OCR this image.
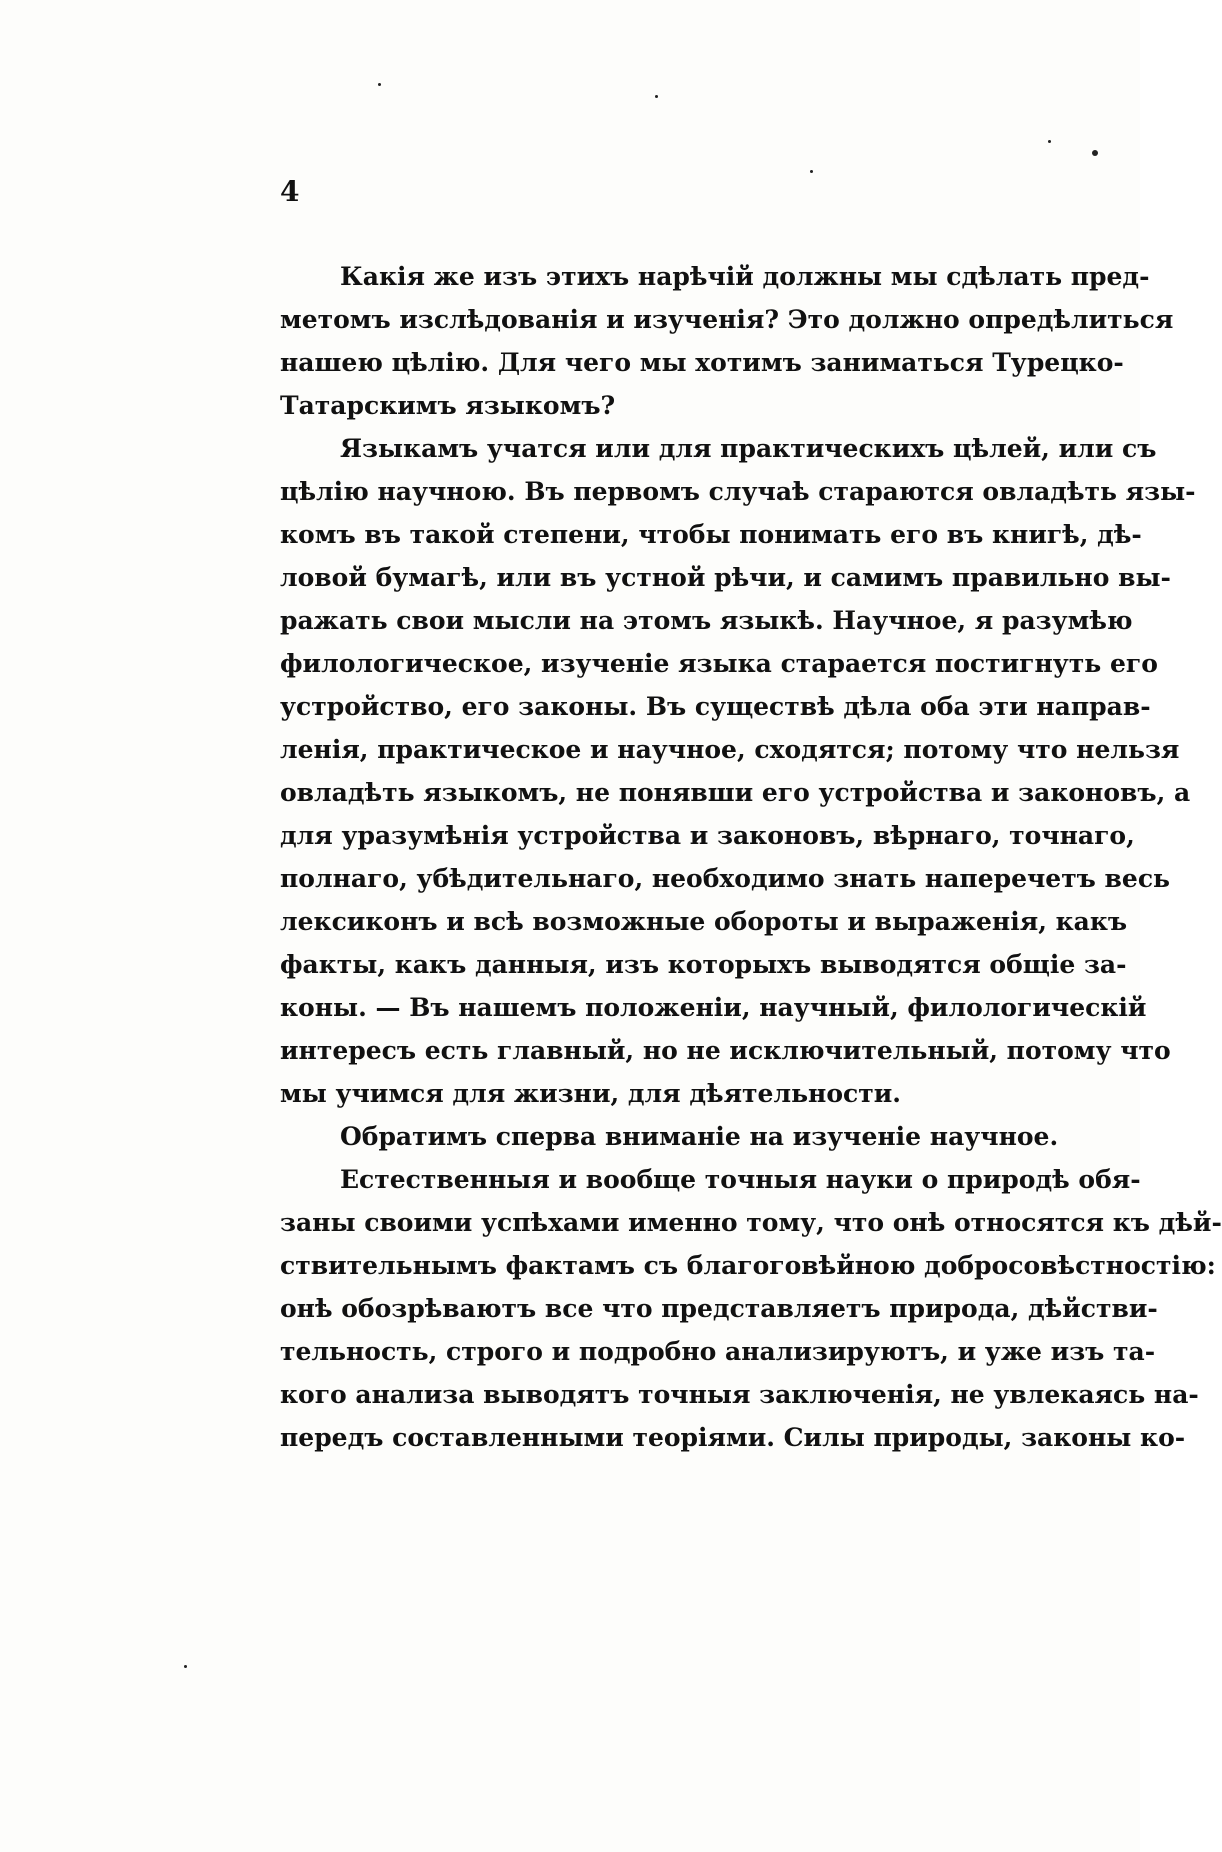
4
Какія же изъ этихъ нарѣчій должны мы сдѣлать пред-
метомъ изслѣдованія и изученія? Это должно опредѣлиться
нашею цѣлію. Для чего мы хотимъ заниматься Турецко-
Татарскимъ языкомъ?
Языкамъ учатся или для практическихъ цѣлей, или съ
цѣлію научною. Въ первомъ случаѣ стараются овладѣть язы-
комъ въ такой степени, чтобы понимать его въ книгѣ, дѣ-
ловой бумагѣ, или въ устной рѣчи, и самимъ правильно вы-
ражать свои мысли на этомъ языкѣ. Научное, я разумѣю
филологическое, изученіе языка старается постигнуть его
устройство, его законы. Въ существѣ дѣла оба эти направ-
ленія, практическое и научное, сходятся; потому что нельзя
овладѣть языкомъ, не понявши его устройства и законовъ, а
для уразумѣнія устройства и законовъ, вѣрнаго, точнаго,
полнаго, убѣдительнаго, необходимо знать наперечетъ весь
лексиконъ и всѣ возможные обороты и выраженія, какъ
факты, какъ данныя, изъ которыхъ выводятся общіе за-
коны. — Въ нашемъ положеніи, научный, филологическій
интересъ есть главный, но не исключительный, потому что
мы учимся для жизни, для дѣятельности.
Обратимъ сперва вниманіе на изученіе научное.
Естественныя и вообще точныя науки о природѣ обя-
заны своими успѣхами именно тому, что онѣ относятся къ дѣй-
ствительнымъ фактамъ съ благоговѣйною добросовѣстностію:
онѣ обозрѣваютъ все что представляетъ природа, дѣйстви-
тельность, строго и подробно анализируютъ, и уже изъ та-
кого анализа выводятъ точныя заключенія, не увлекаясь на-
передъ составленными теоріями. Силы природы, законы ко-
